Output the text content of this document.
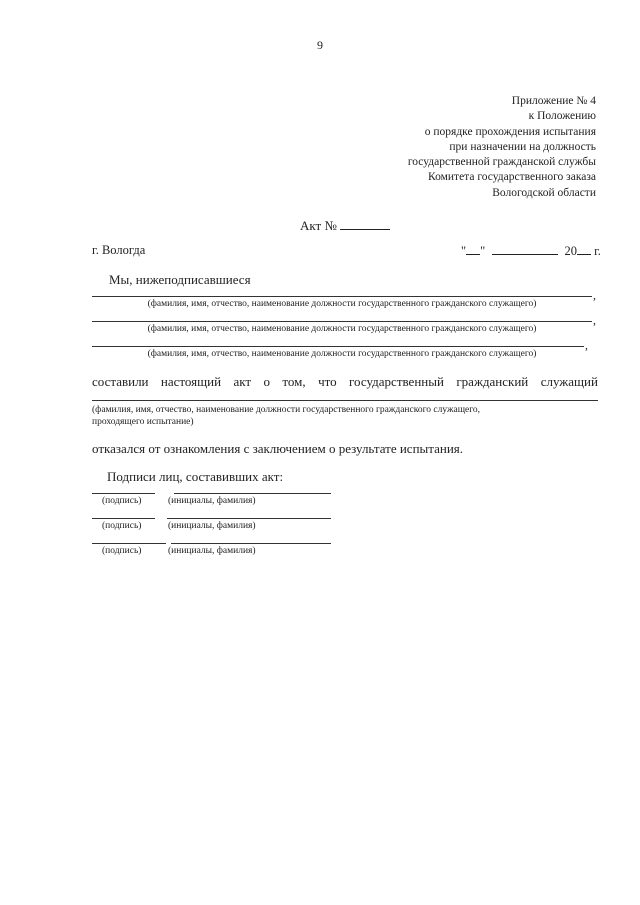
9
Приложение № 4
к Положению
о порядке прохождения испытания
при назначении на должность
государственной гражданской службы
Комитета государственного заказа
Вологодской области
Акт №
г. Вологда	" "	20 г.
Мы, нижеподписавшиеся
,
(фамилия, имя, отчество, наименование должности государственного гражданского служащего)
,
(фамилия, имя, отчество, наименование должности государственного гражданского служащего)
,
(фамилия, имя, отчество, наименование должности государственного гражданского служащего)
составили настоящий акт о том, что государственный гражданский служащий
(фамилия, имя, отчество, наименование должности государственного гражданского служащего,
проходящего испытание)
отказался от ознакомления с заключением о результате испытания.
Подписи лиц, составивших акт:
(подпись)	(инициалы, фамилия)
(подпись)	(инициалы, фамилия)
(подпись)	(инициалы, фамилия)
